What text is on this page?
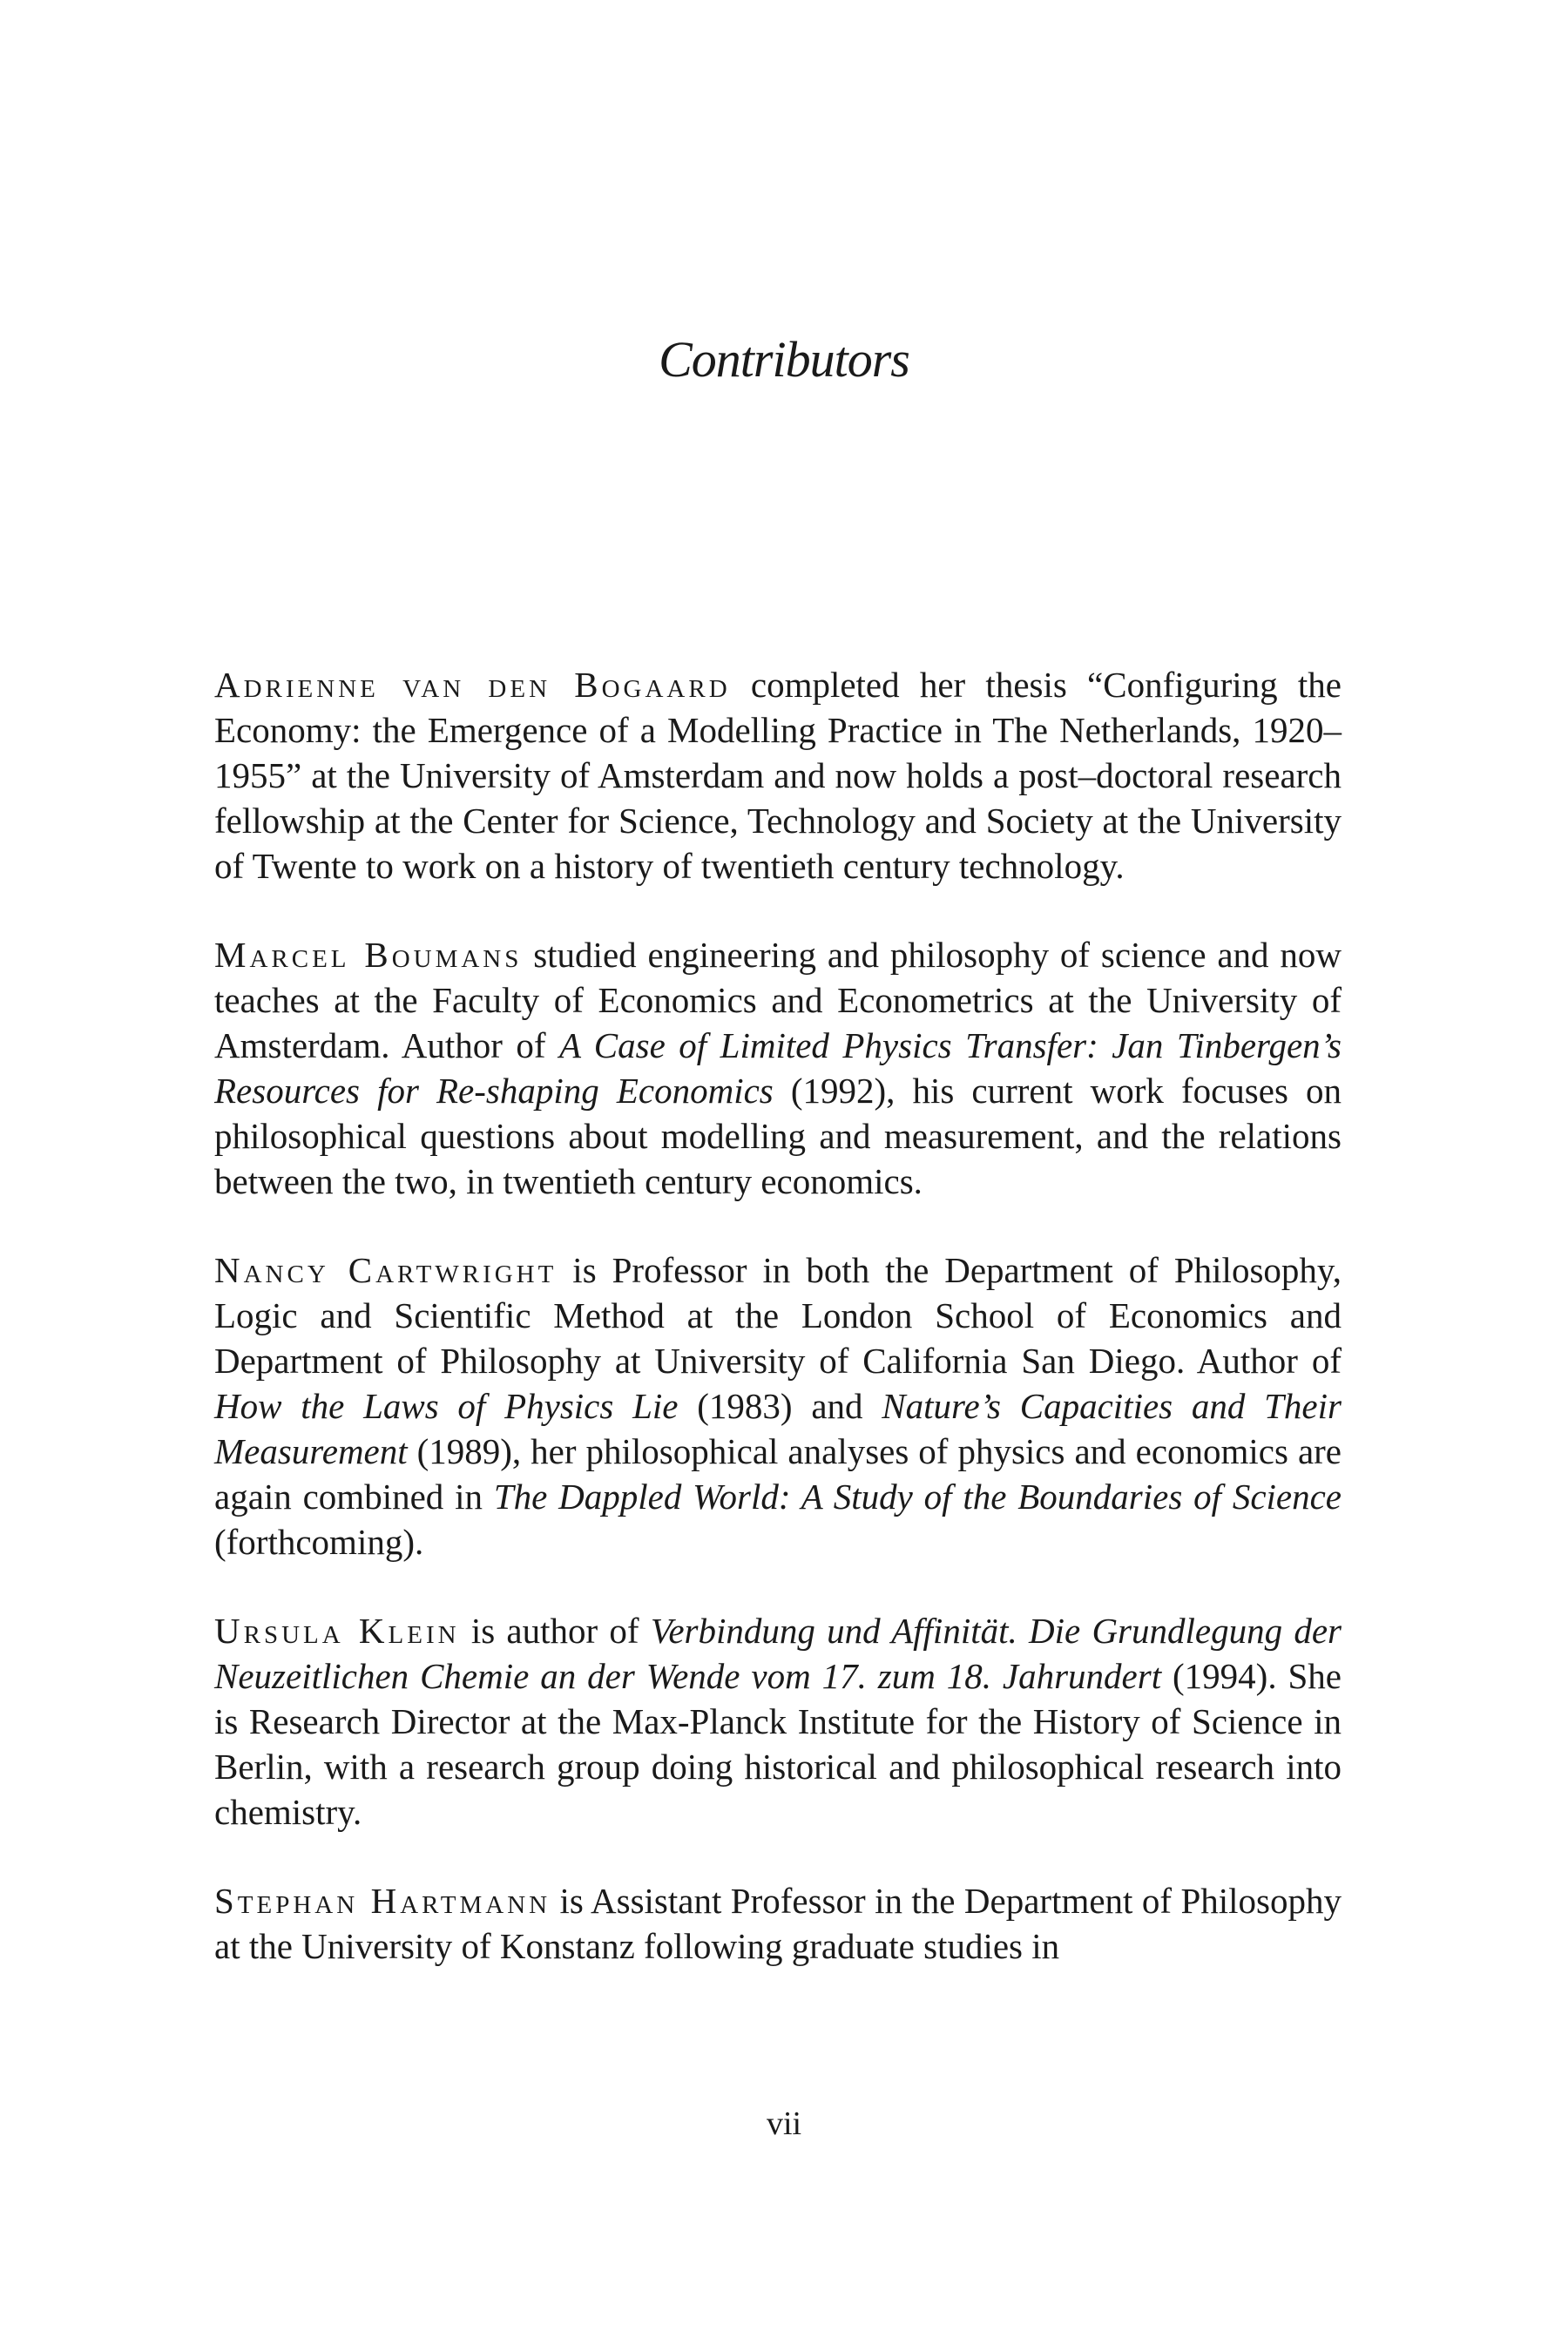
Contributors

Adrienne van den Bogaard completed her thesis “Configuring the Economy: the Emergence of a Modelling Practice in The Netherlands, 1920–1955” at the University of Amsterdam and now holds a post–doctoral research fellowship at the Center for Science, Technology and Society at the University of Twente to work on a history of twentieth century technology.

Marcel Boumans studied engineering and philosophy of science and now teaches at the Faculty of Economics and Econometrics at the University of Amsterdam. Author of A Case of Limited Physics Transfer: Jan Tinbergen’s Resources for Re-shaping Economics (1992), his current work focuses on philosophical questions about modelling and measurement, and the relations between the two, in twentieth century economics.

Nancy Cartwright is Professor in both the Department of Philosophy, Logic and Scientific Method at the London School of Economics and Department of Philosophy at University of California San Diego. Author of How the Laws of Physics Lie (1983) and Nature’s Capacities and Their Measurement (1989), her philosophical analyses of physics and economics are again combined in The Dappled World: A Study of the Boundaries of Science (forthcoming).

Ursula Klein is author of Verbindung und Affinität. Die Grundlegung der Neuzeitlichen Chemie an der Wende vom 17. zum 18. Jahrundert (1994). She is Research Director at the Max-Planck Institute for the History of Science in Berlin, with a research group doing historical and philosophical research into chemistry.

Stephan Hartmann is Assistant Professor in the Department of Philosophy at the University of Konstanz following graduate studies in

vii
